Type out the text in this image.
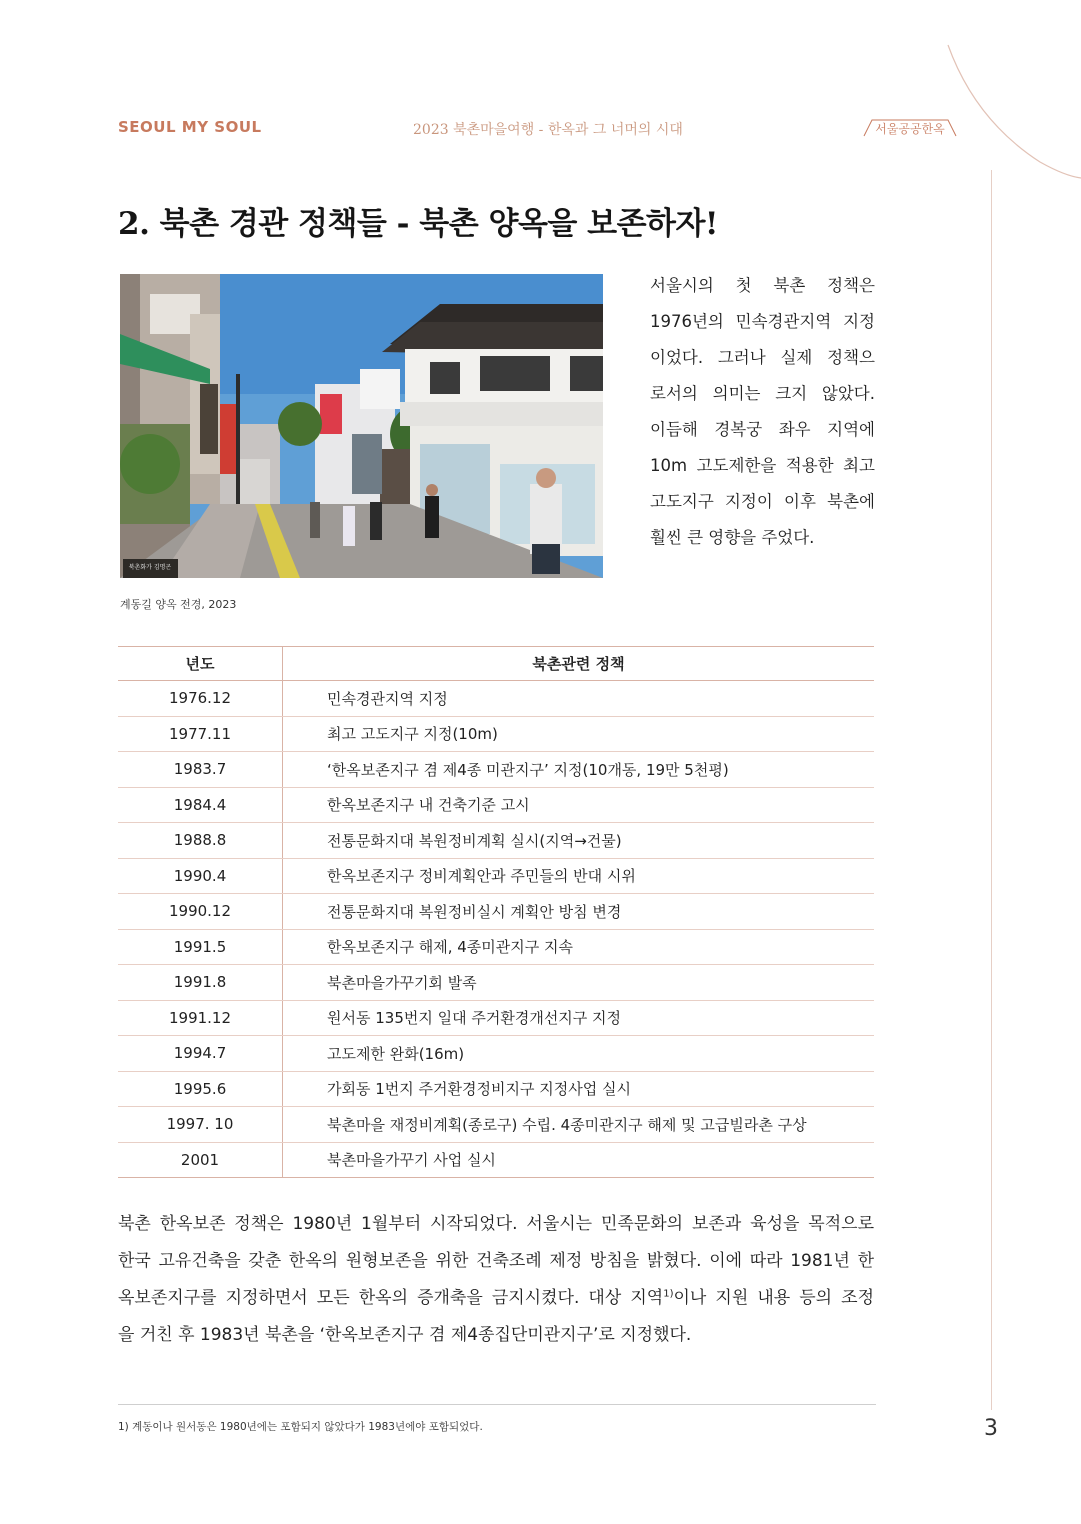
SEOUL MY SOUL	2023 북촌마을여행 - 한옥과 그 너머의 시대	서울공공한옥
2. 북촌 경관 정책들 - 북촌 양옥을 보존하자!
북촌화가 김명곤
계동길 양옥 전경, 2023
서울시의 첫 북촌 정책은
1976년의 민속경관지역 지정
이었다. 그러나 실제 정책으
로서의 의미는 크지 않았다.
이듬해 경복궁 좌우 지역에
10m 고도제한을 적용한 최고
고도지구 지정이 이후 북촌에
훨씬 큰 영향을 주었다.
년도	북촌관련 정책
1976.12	민속경관지역 지정
1977.11	최고 고도지구 지정(10m)
1983.7	‘한옥보존지구 겸 제4종 미관지구’ 지정(10개동, 19만 5천평)
1984.4	한옥보존지구 내 건축기준 고시
1988.8	전통문화지대 복원정비계획 실시(지역→건물)
1990.4	한옥보존지구 정비계획안과 주민들의 반대 시위
1990.12	전통문화지대 복원정비실시 계획안 방침 변경
1991.5	한옥보존지구 해제, 4종미관지구 지속
1991.8	북촌마을가꾸기회 발족
1991.12	원서동 135번지 일대 주거환경개선지구 지정
1994.7	고도제한 완화(16m)
1995.6	가회동 1번지 주거환경정비지구 지정사업 실시
1997. 10	북촌마을 재정비계획(종로구) 수립. 4종미관지구 해제 및 고급빌라촌 구상
2001	북촌마을가꾸기 사업 실시
북촌 한옥보존 정책은 1980년 1월부터 시작되었다. 서울시는 민족문화의 보존과 육성을 목적으로
한국 고유건축을 갖춘 한옥의 원형보존을 위한 건축조례 제정 방침을 밝혔다. 이에 따라 1981년 한
옥보존지구를 지정하면서 모든 한옥의 증개축을 금지시켰다. 대상 지역$^{1)}$이나 지원 내용 등의 조정
을 거친 후 1983년 북촌을 ‘한옥보존지구 겸 제4종집단미관지구’로 지정했다.
1) 계동이나 원서동은 1980년에는 포함되지 않았다가 1983년에야 포함되었다.	3
